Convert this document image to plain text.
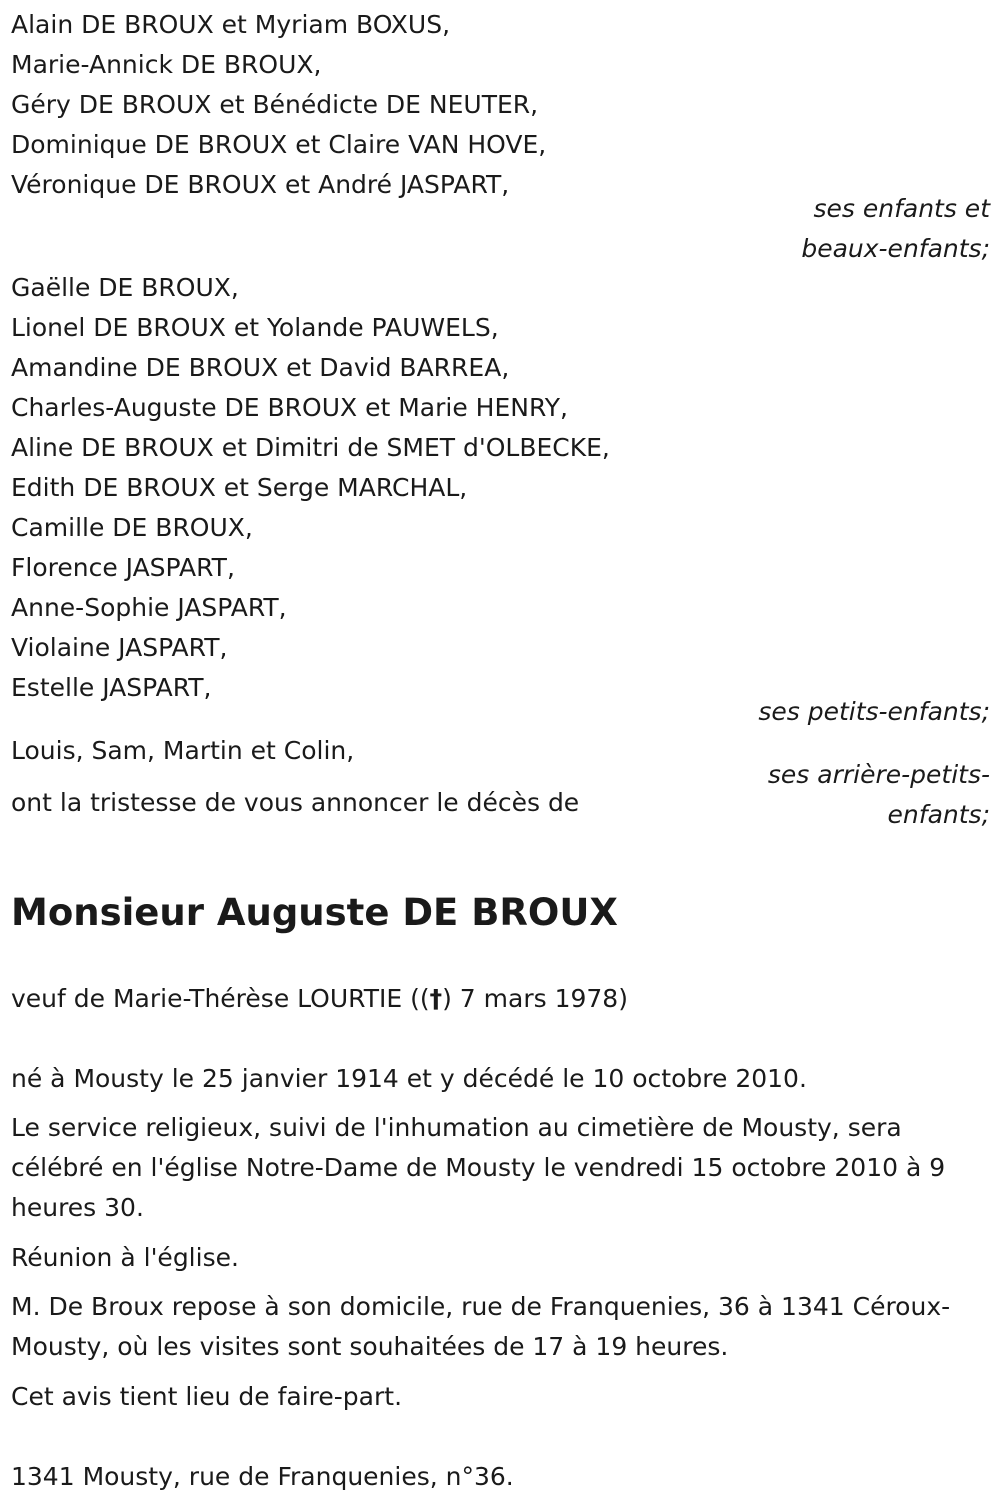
Alain DE BROUX et Myriam BOXUS,
Marie-Annick DE BROUX,
Géry DE BROUX et Bénédicte DE NEUTER,
Dominique DE BROUX et Claire VAN HOVE,
Véronique DE BROUX et André JASPART,
ses enfants et
beaux-enfants;
Gaëlle DE BROUX,
Lionel DE BROUX et Yolande PAUWELS,
Amandine DE BROUX et David BARREA,
Charles-Auguste DE BROUX et Marie HENRY,
Aline DE BROUX et Dimitri de SMET d'OLBECKE,
Edith DE BROUX et Serge MARCHAL,
Camille DE BROUX,
Florence JASPART,
Anne-Sophie JASPART,
Violaine JASPART,
Estelle JASPART,
ses petits-enfants;
Louis, Sam, Martin et Colin,
ses arrière-petits-
enfants;
ont la tristesse de vous annoncer le décès de
Monsieur Auguste DE BROUX
veuf de Marie-Thérèse LOURTIE ((†) 7 mars 1978)
né à Mousty le 25 janvier 1914 et y décédé le 10 octobre 2010.
Le service religieux, suivi de l'inhumation au cimetière de Mousty, sera célébré en l'église Notre-Dame de Mousty le vendredi 15 octobre 2010 à 9 heures 30.
Réunion à l'église.
M. De Broux repose à son domicile, rue de Franquenies, 36 à 1341 Céroux-Mousty, où les visites sont souhaitées de 17 à 19 heures.
Cet avis tient lieu de faire-part.
1341 Mousty, rue de Franquenies, n°36.
